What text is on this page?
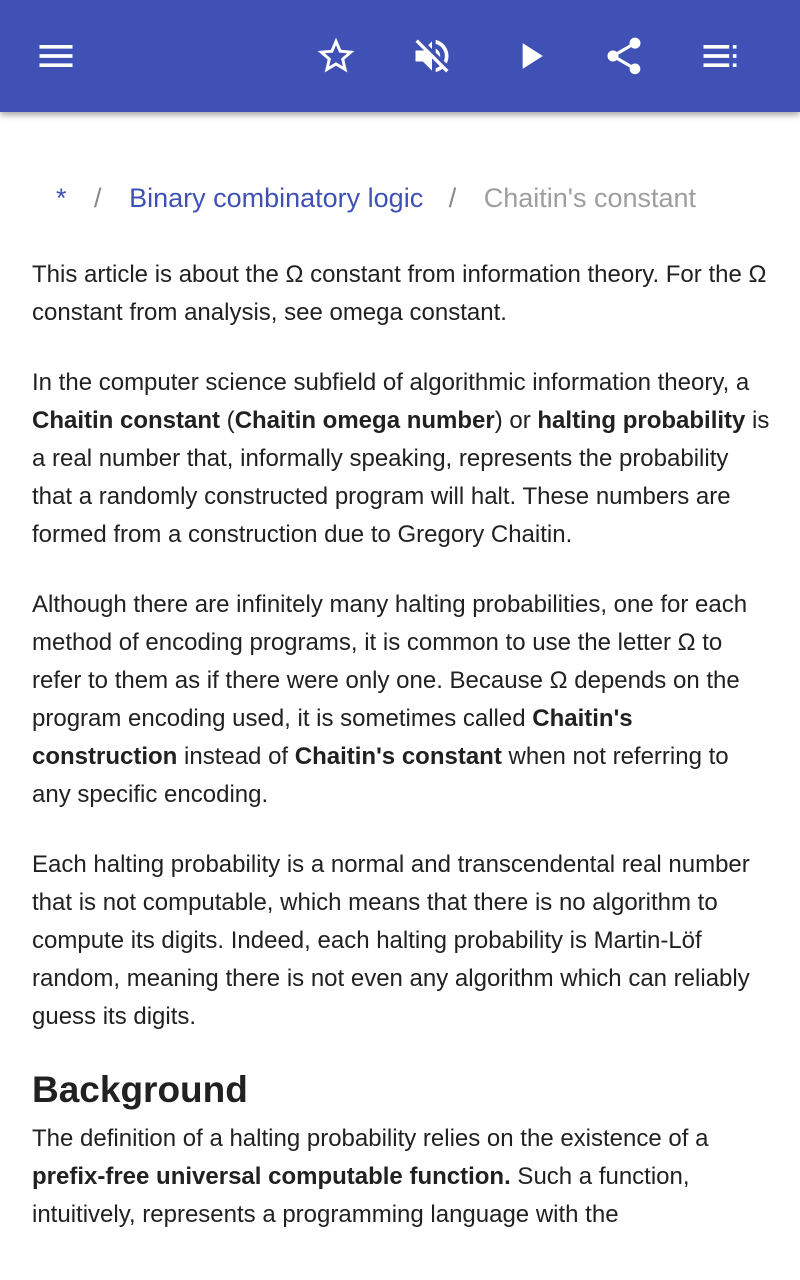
* / Binary combinatory logic / Chaitin's constant

This article is about the Ω constant from information theory. For the Ω constant from analysis, see omega constant.

In the computer science subfield of algorithmic information theory, a Chaitin constant (Chaitin omega number) or halting probability is a real number that, informally speaking, represents the probability that a randomly constructed program will halt. These numbers are formed from a construction due to Gregory Chaitin.

Although there are infinitely many halting probabilities, one for each method of encoding programs, it is common to use the letter Ω to refer to them as if there were only one. Because Ω depends on the program encoding used, it is sometimes called Chaitin's construction instead of Chaitin's constant when not referring to any specific encoding.

Each halting probability is a normal and transcendental real number that is not computable, which means that there is no algorithm to compute its digits. Indeed, each halting probability is Martin-Löf random, meaning there is not even any algorithm which can reliably guess its digits.

Background

The definition of a halting probability relies on the existence of a prefix-free universal computable function. Such a function, intuitively, represents a programming language with the
